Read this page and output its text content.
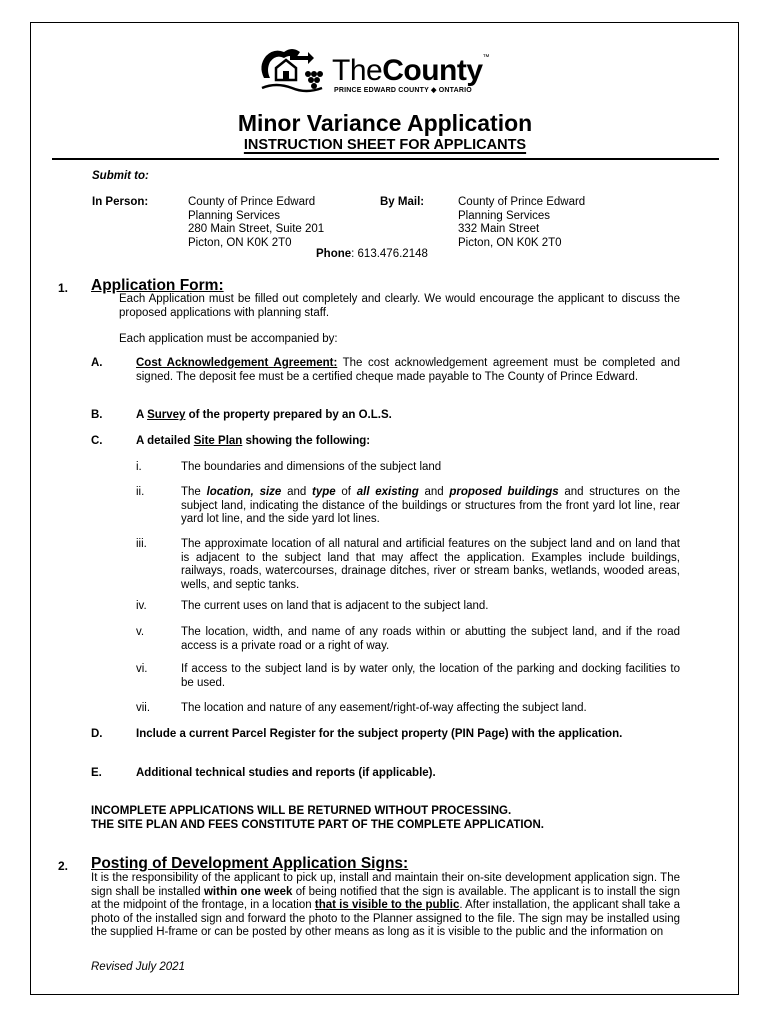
TheCounty™
PRINCE EDWARD COUNTY ◆ ONTARIO
Minor Variance Application
INSTRUCTION SHEET FOR APPLICANTS
Submit to:
In Person:	County of Prince Edward
Planning Services
280 Main Street, Suite 201
Picton, ON K0K 2T0
By Mail:	County of Prince Edward
Planning Services
332 Main Street
Picton, ON K0K 2T0
Phone: 613.476.2148
1. Application Form:
Each Application must be filled out completely and clearly. We would encourage the applicant to discuss the proposed applications with planning staff.
Each application must be accompanied by:
A.	Cost Acknowledgement Agreement: The cost acknowledgement agreement must be completed and signed. The deposit fee must be a certified cheque made payable to The County of Prince Edward.
B.	A Survey of the property prepared by an O.L.S.
C.	A detailed Site Plan showing the following:
i.	The boundaries and dimensions of the subject land
ii.	The location, size and type of all existing and proposed buildings and structures on the subject land, indicating the distance of the buildings or structures from the front yard lot line, rear yard lot line, and the side yard lot lines.
iii.	The approximate location of all natural and artificial features on the subject land and on land that is adjacent to the subject land that may affect the application. Examples include buildings, railways, roads, watercourses, drainage ditches, river or stream banks, wetlands, wooded areas, wells, and septic tanks.
iv.	The current uses on land that is adjacent to the subject land.
v.	The location, width, and name of any roads within or abutting the subject land, and if the road access is a private road or a right of way.
vi.	If access to the subject land is by water only, the location of the parking and docking facilities to be used.
vii.	The location and nature of any easement/right-of-way affecting the subject land.
D.	Include a current Parcel Register for the subject property (PIN Page) with the application.
E.	Additional technical studies and reports (if applicable).
INCOMPLETE APPLICATIONS WILL BE RETURNED WITHOUT PROCESSING.
THE SITE PLAN AND FEES CONSTITUTE PART OF THE COMPLETE APPLICATION.
2. Posting of Development Application Signs:
It is the responsibility of the applicant to pick up, install and maintain their on-site development application sign. The sign shall be installed within one week of being notified that the sign is available. The applicant is to install the sign at the midpoint of the frontage, in a location that is visible to the public. After installation, the applicant shall take a photo of the installed sign and forward the photo to the Planner assigned to the file. The sign may be installed using the supplied H-frame or can be posted by other means as long as it is visible to the public and the information on
Revised July 2021
